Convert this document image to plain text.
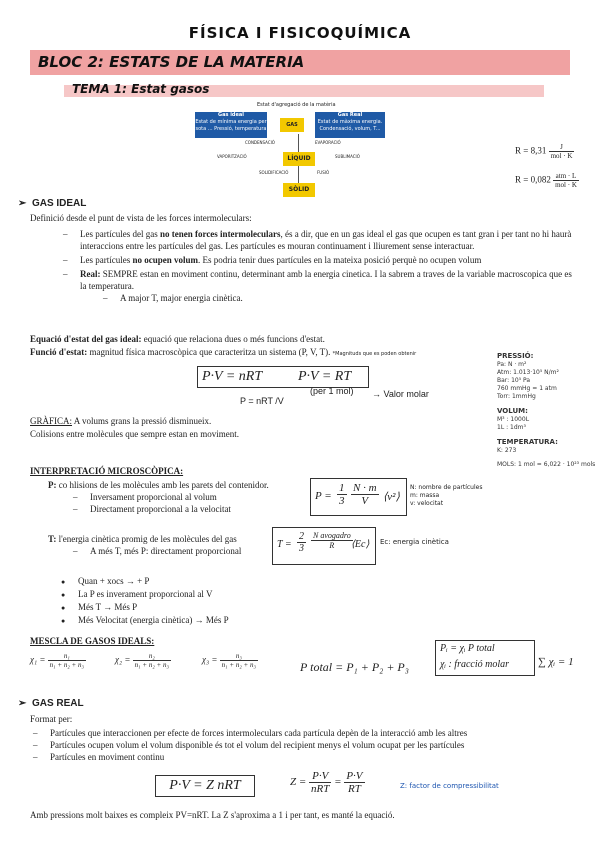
FÍSICA I FISICOQUÍMICA
BLOC 2: ESTATS DE LA MATERIA
TEMA 1: Estat gasos
Estat d'agregació de la matèria
Gas ideal
Estat de mínima energia per sota ... Pressió, temperatura
Gas Real
Estat de màxima energia. Condensació, volum, T...
GAS
LÍQUID
SÒLID
CONDENSACIÓ	EVAPORACIÓ
VAPORITZACIÓ	SUBLIMACIÓ
SOLIDIFICACIÓ	FUSIÓ
$R = 8,31 \frac{J}{\text{mol · K}}$
$R = 0,082 \frac{\text{atm · L}}{\text{mol · K}}$
➢  GAS IDEAL
Definició desde el punt de vista de les forces intermoleculars:
– Les partícules del gas no tenen forces intermoleculars, és a dir, que en un gas ideal el gas que ocupen es tant gran i per tant no hi haurà interaccions entre les partícules del gas. Les partícules es mouran continuament i lliurement sense interactuar.
– Les partícules no ocupen volum. Es podria tenir dues partícules en la mateixa posició perquè no ocupen volum
– Real: SEMPRE estan en moviment continu, determinant amb la energia cinetica. I la sabrem a traves de la variable macroscopica que es la temperatura.
– A major T, major energia cinètica.
Equació d'estat del gas ideal: equació que relaciona dues o més funcions d'estat.
Funció d'estat: magnitud física macroscòpica que caracteritza un sistema (P, V, T). *Magnituds que es poden obtenir
P·V = nRT	P·V = RT
(per 1 mol) → Valor molar
P = nRT /V
GRÀFICA: A volums grans la pressió disminueix.
Colisions entre molècules que sempre estan en moviment.
PRESSIÓ:
Pa: N · m²
Atm: 1.013·10⁵ N/m²
Bar: 10⁵ Pa
760 mmHg = 1 atm
Torr: 1mmHg
VOLUM:
M³ : 1000L
1L : 1dm³
TEMPERATURA:
K: 273
MOLS: 1 mol = 6,022 · 10²³ mols
INTERPRETACIÓ MICROSCÒPICA:
P: co hlisions de les molècules amb les parets del contenidor.
– Inversament proporcional al volum
– Directament proporcional a la velocitat
$P = \frac{1}{3} \frac{N \cdot m}{V}$ ⟨v²⟩
N: nombre de partícules
m: massa
v: velocitat
T: l'energia cinètica promig de les molècules del gas
– A més T, més P: directament proporcional
$T = \frac{2}{3}$ N avogadro
R	⟨Ec⟩ Ec: energia cinètica
● Quan + xocs → + P
● La P es inverament proporcional al V
● Més T → Més P
● Més Velocitat (energia cinètica) → Més P
MESCLA DE GASOS IDEALS:
$\chi_1 = \frac{\text{n₁}}{\text{n₁ + n₂ + n₃}}$	$\chi_2 = \frac{\text{n₂}}{\text{n₁ + n₂ + n₃}}$	$\chi_3 = \frac{\text{n₃}}{\text{n₁ + n₂ + n₃}}$	P total = P₁ + P₂ + P₃
Pᵢ = χᵢ P total
χᵢ : fracció molar	∑ χᵢ = 1
➢  GAS REAL
Format per:
– Partícules que interaccionen per efecte de forces intermoleculars cada partícula depèn de la interacció amb les altres
– Partícules ocupen volum el volum disponible és tot el volum del recipient menys el volum ocupat per les partícules
– Partícules en moviment continu
P·V = Z nRT	$Z = \frac{P\cdot V}{\text{nRT}} = \frac{P\cdot V}{RT}$	Z: factor de compressibilitat
Amb pressions molt baixes es compleix PV=nRT. La Z s'aproxima a 1 i per tant, es manté la equació.
